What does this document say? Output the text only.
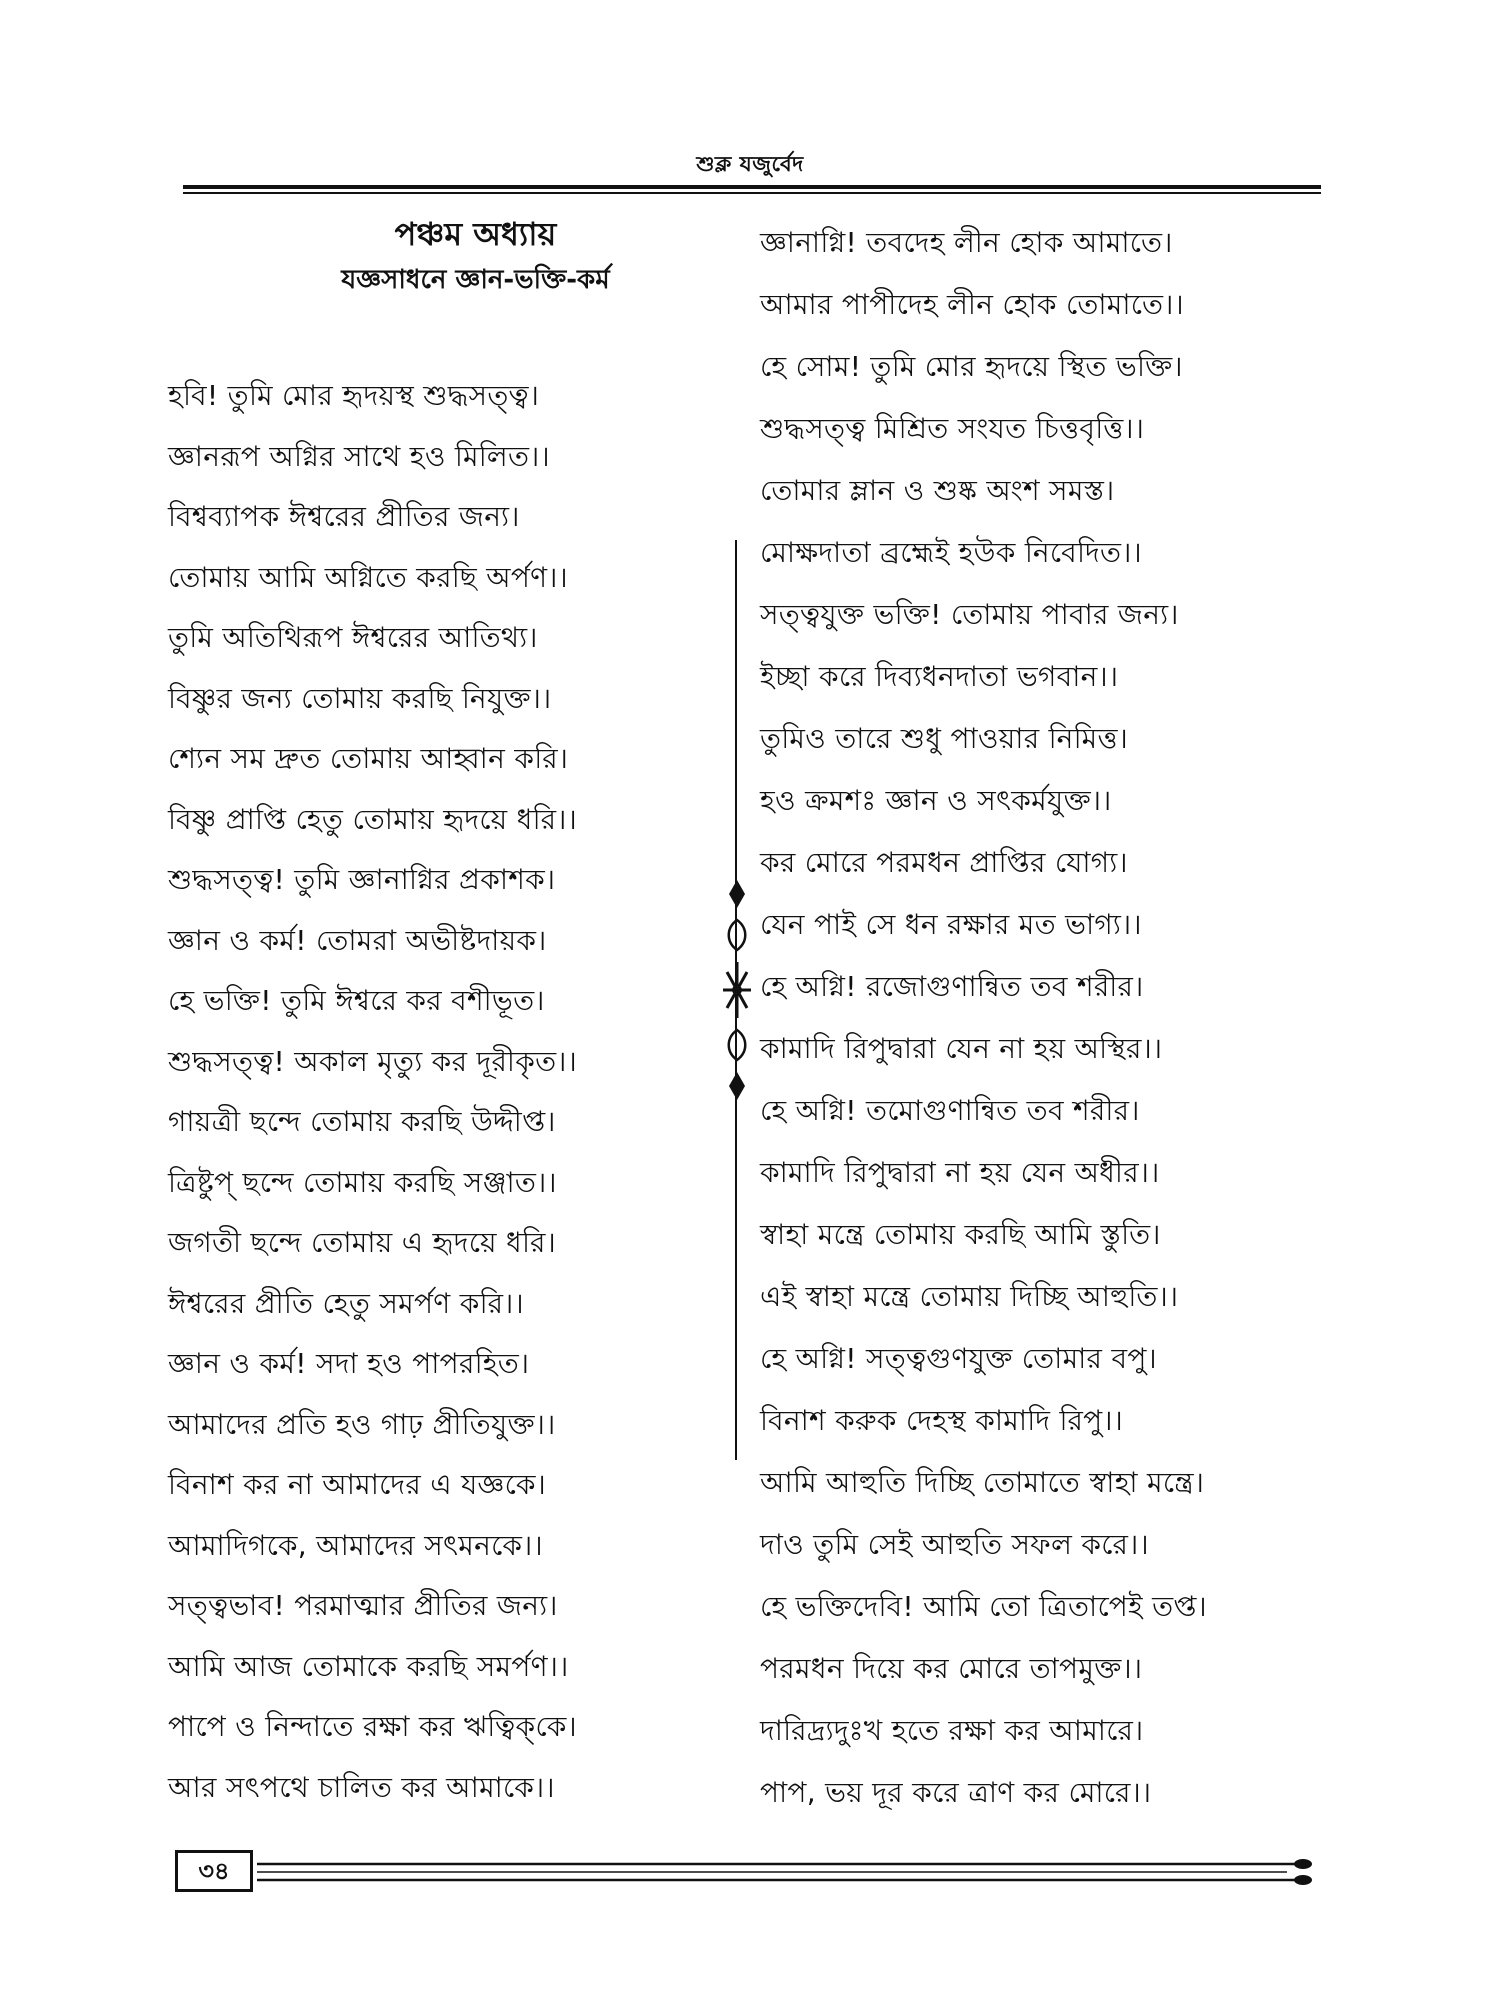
শুক্ল যজুর্বেদ
পঞ্চম অধ্যায়
যজ্ঞসাধনে জ্ঞান-ভক্তি-কর্ম
হবি! তুমি মোর হৃদয়স্থ শুদ্ধসত্ত্ব।
জ্ঞানরূপ অগ্নির সাথে হও মিলিত।।
বিশ্বব্যাপক ঈশ্বরের প্রীতির জন্য।
তোমায় আমি অগ্নিতে করছি অর্পণ।।
তুমি অতিথিরূপ ঈশ্বরের আতিথ্য।
বিষ্ণুর জন্য তোমায় করছি নিযুক্ত।।
শ্যেন সম দ্রুত তোমায় আহ্বান করি।
বিষ্ণু প্রাপ্তি হেতু তোমায় হৃদয়ে ধরি।।
শুদ্ধসত্ত্ব! তুমি জ্ঞানাগ্নির প্রকাশক।
জ্ঞান ও কর্ম! তোমরা অভীষ্টদায়ক।
হে ভক্তি! তুমি ঈশ্বরে কর বশীভূত।
শুদ্ধসত্ত্ব! অকাল মৃত্যু কর দূরীকৃত।।
গায়ত্রী ছন্দে তোমায় করছি উদ্দীপ্ত।
ত্রিষ্টুপ্ ছন্দে তোমায় করছি সঞ্জাত।।
জগতী ছন্দে তোমায় এ হৃদয়ে ধরি।
ঈশ্বরের প্রীতি হেতু সমর্পণ করি।।
জ্ঞান ও কর্ম! সদা হও পাপরহিত।
আমাদের প্রতি হও গাঢ় প্রীতিযুক্ত।।
বিনাশ কর না আমাদের এ যজ্ঞকে।
আমাদিগকে, আমাদের সৎমনকে।।
সত্ত্বভাব! পরমাত্মার প্রীতির জন্য।
আমি আজ তোমাকে করছি সমর্পণ।।
পাপে ও নিন্দাতে রক্ষা কর ঋত্বিক্‌কে।
আর সৎপথে চালিত কর আমাকে।।
জ্ঞানাগ্নি! তবদেহ লীন হোক আমাতে।
আমার পাপীদেহ লীন হোক তোমাতে।।
হে সোম! তুমি মোর হৃদয়ে স্থিত ভক্তি।
শুদ্ধসত্ত্ব মিশ্রিত সংযত চিত্তবৃত্তি।।
তোমার ম্লান ও শুষ্ক অংশ সমস্ত।
মোক্ষদাতা ব্রহ্মেই হউক নিবেদিত।।
সত্ত্বযুক্ত ভক্তি! তোমায় পাবার জন্য।
ইচ্ছা করে দিব্যধনদাতা ভগবান।।
তুমিও তারে শুধু পাওয়ার নিমিত্ত।
হও ক্রমশঃ জ্ঞান ও সৎকর্মযুক্ত।।
কর মোরে পরমধন প্রাপ্তির যোগ্য।
যেন পাই সে ধন রক্ষার মত ভাগ্য।।
হে অগ্নি! রজোগুণান্বিত তব শরীর।
কামাদি রিপুদ্বারা যেন না হয় অস্থির।।
হে অগ্নি! তমোগুণান্বিত তব শরীর।
কামাদি রিপুদ্বারা না হয় যেন অধীর।।
স্বাহা মন্ত্রে তোমায় করছি আমি স্তুতি।
এই স্বাহা মন্ত্রে তোমায় দিচ্ছি আহুতি।।
হে অগ্নি! সত্ত্বগুণযুক্ত তোমার বপু।
বিনাশ করুক দেহস্থ কামাদি রিপু।।
আমি আহুতি দিচ্ছি তোমাতে স্বাহা মন্ত্রে।
দাও তুমি সেই আহুতি সফল করে।।
হে ভক্তিদেবি! আমি তো ত্রিতাপেই তপ্ত।
পরমধন দিয়ে কর মোরে তাপমুক্ত।।
দারিদ্র্যদুঃখ হতে রক্ষা কর আমারে।
পাপ, ভয় দূর করে ত্রাণ কর মোরে।।
৩৪
